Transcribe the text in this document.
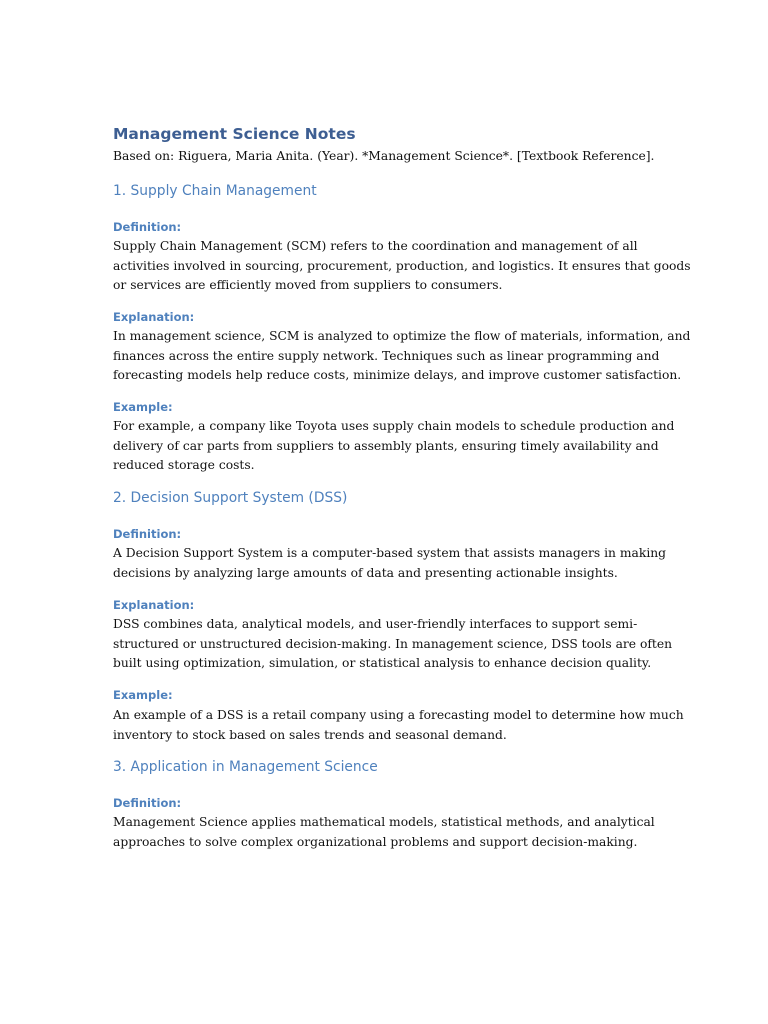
Management Science Notes

Based on: Riguera, Maria Anita. (Year). *Management Science*. [Textbook Reference].

1. Supply Chain Management
Definition:

Supply Chain Management (SCM) refers to the coordination and management of all
activities involved in sourcing, procurement, production, and logistics. It ensures that goods
or services are efficiently moved from suppliers to consumers.

Explanation:

In management science, SCM is analyzed to optimize the flow of materials, information, and
finances across the entire supply network. Techniques such as linear programming and
forecasting models help reduce costs, minimize delays, and improve customer satisfaction.

Example:

For example, a company like Toyota uses supply chain models to schedule production and
delivery of car parts from suppliers to assembly plants, ensuring timely availability and
reduced storage costs.

2. Decision Support System (DSS)
Definition:

A Decision Support System is a computer-based system that assists managers in making
decisions by analyzing large amounts of data and presenting actionable insights.

Explanation:

DSS combines data, analytical models, and user-friendly interfaces to support semi-
structured or unstructured decision-making. In management science, DSS tools are often
built using optimization, simulation, or statistical analysis to enhance decision quality.

Example:

An example of a DSS is a retail company using a forecasting model to determine how much
inventory to stock based on sales trends and seasonal demand.

3. Application in Management Science
Definition:

Management Science applies mathematical models, statistical methods, and analytical
approaches to solve complex organizational problems and support decision-making.
